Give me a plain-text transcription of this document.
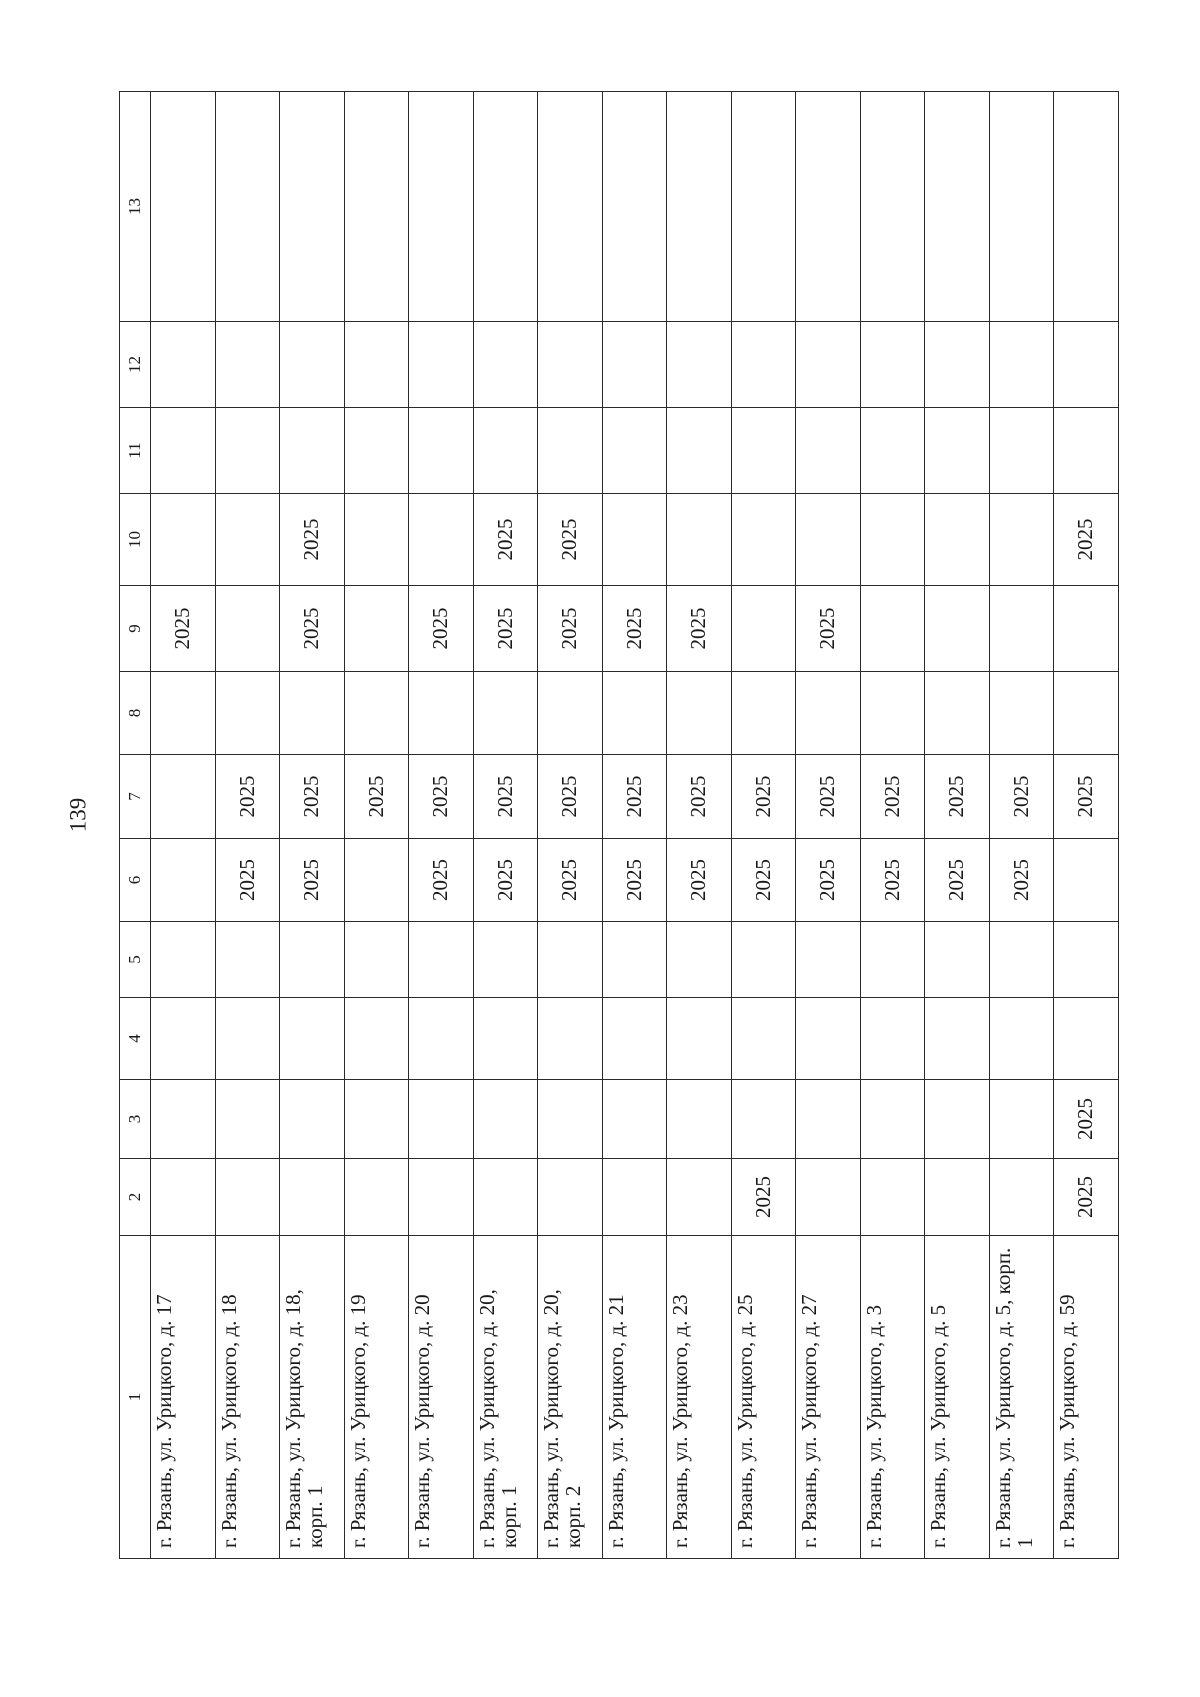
139
1	2	3	4	5	6	7	8	9	10	11	12	13
г. Рязань, ул. Урицкого, д. 17								2025				
г. Рязань, ул. Урицкого, д. 18					2025	2025						
г. Рязань, ул. Урицкого, д. 18, корп. 1					2025	2025		2025	2025			
г. Рязань, ул. Урицкого, д. 19						2025						
г. Рязань, ул. Урицкого, д. 20					2025	2025		2025				
г. Рязань, ул. Урицкого, д. 20, корп. 1					2025	2025		2025	2025			
г. Рязань, ул. Урицкого, д. 20, корп. 2					2025	2025		2025	2025			
г. Рязань, ул. Урицкого, д. 21					2025	2025		2025				
г. Рязань, ул. Урицкого, д. 23					2025	2025		2025				
г. Рязань, ул. Урицкого, д. 25	2025				2025	2025						
г. Рязань, ул. Урицкого, д. 27					2025	2025		2025				
г. Рязань, ул. Урицкого, д. 3					2025	2025						
г. Рязань, ул. Урицкого, д. 5					2025	2025						
г. Рязань, ул. Урицкого, д. 5, корп. 1					2025	2025						
г. Рязань, ул. Урицкого, д. 59	2025	2025				2025			2025			
